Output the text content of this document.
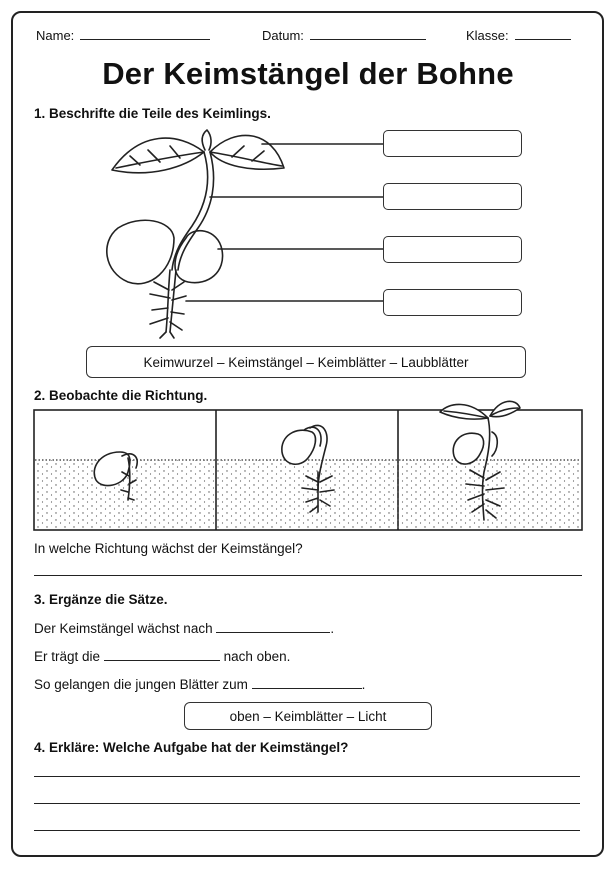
Name:	Datum:	Klasse:
Der Keimstängel der Bohne
1. Beschrifte die Teile des Keimlings.
Keimwurzel – Keimstängel – Keimblätter – Laubblätter
2. Beobachte die Richtung.
In welche Richtung wächst der Keimstängel?
3. Ergänze die Sätze.
Der Keimstängel wächst nach	.
Er trägt die	nach oben.
So gelangen die jungen Blätter zum	.
oben – Keimblätter – Licht
4. Erkläre: Welche Aufgabe hat der Keimstängel?
